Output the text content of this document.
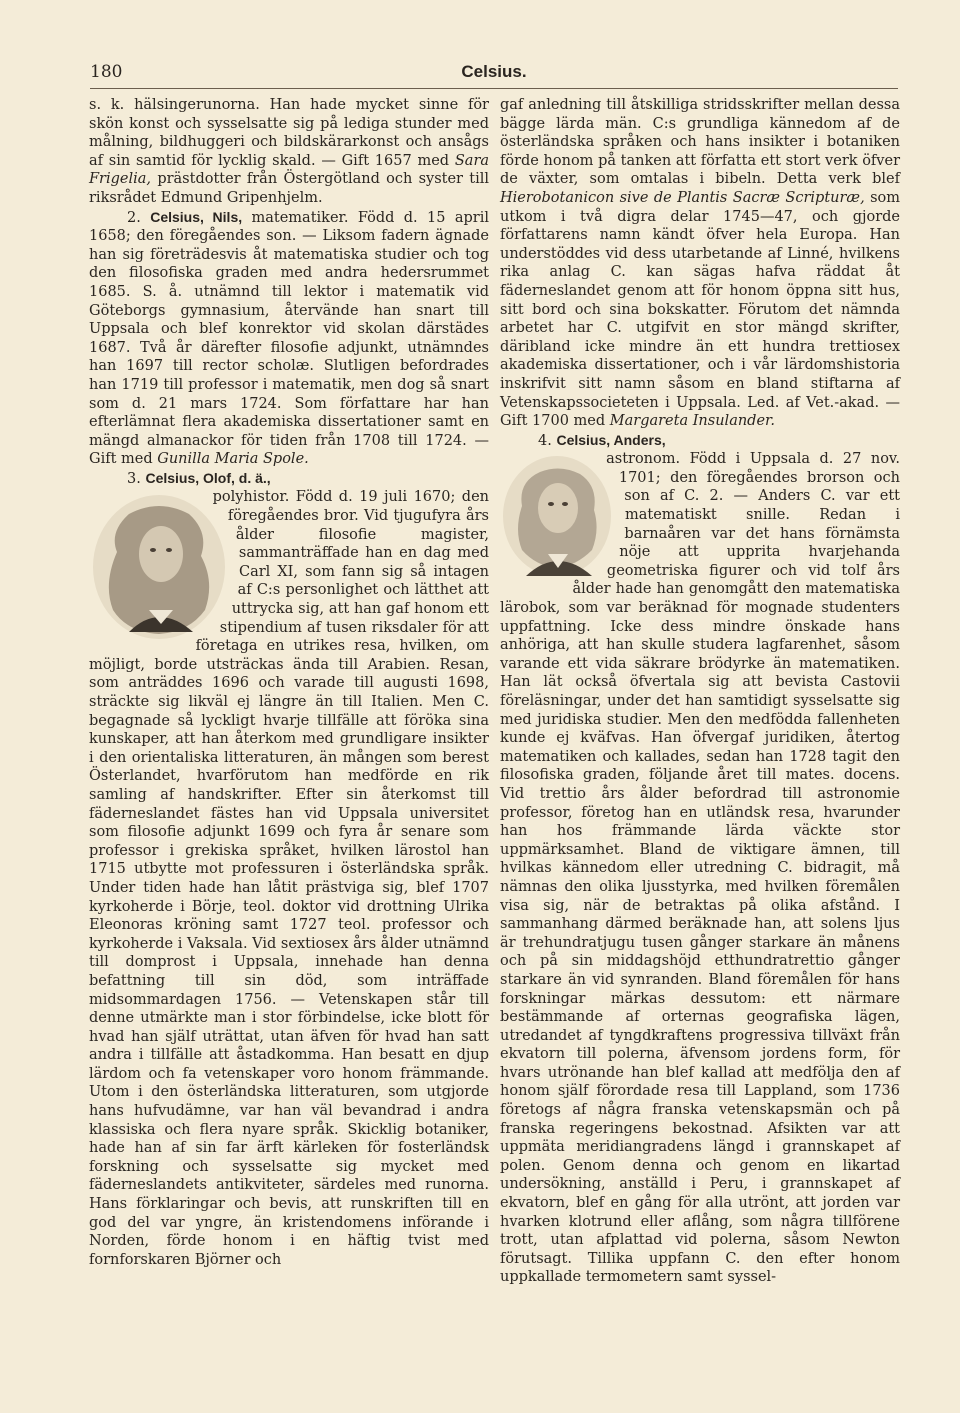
180	Celsius.

s. k. hälsingerunorna. Han hade mycket sinne för skön konst och sysselsatte sig på lediga stunder med målning, bildhuggeri och bildskärarkonst och ansågs af sin samtid för lycklig skald. — Gift 1657 med Sara Frigelia, prästdotter från Östergötland och syster till riksrådet Edmund Gripenhjelm.

2. Celsius, Nils, matematiker. Född d. 15 april 1658; den föregåendes son. — Liksom fadern ägnade han sig företrädesvis åt matematiska studier och tog den filosofiska graden med andra hedersrummet 1685. S. å. utnämnd till lektor i matematik vid Göteborgs gymnasium, återvände han snart till Uppsala och blef konrektor vid skolan därstädes 1687. Två år därefter filosofie adjunkt, utnämndes han 1697 till rector scholæ. Slutligen befordrades han 1719 till professor i matematik, men dog så snart som d. 21 mars 1724. Som författare har han efterlämnat flera akademiska dissertationer samt en mängd almanackor för tiden från 1708 till 1724. — Gift med Gunilla Maria Spole.

3. Celsius, Olof, d. ä.,

polyhistor. Född d. 19 juli 1670; den föregåendes bror. Vid tjugufyra års ålder filosofie magister, sammanträffade han en dag med Carl XI, som fann sig så intagen af C:s personlighet och lätthet att uttrycka sig, att han gaf honom ett stipendium af tusen riksdaler för att företaga en utrikes resa, hvilken, om möjligt, borde utsträckas ända till Arabien. Resan, som anträddes 1696 och varade till augusti 1698, sträckte sig likväl ej längre än till Italien. Men C. begagnade så lyckligt hvarje tillfälle att föröka sina kunskaper, att han återkom med grundligare insikter i den orientaliska litteraturen, än mången som berest Österlandet, hvarförutom han medförde en rik samling af handskrifter. Efter sin återkomst till fäderneslandet fästes han vid Uppsala universitet som filosofie adjunkt 1699 och fyra år senare som professor i grekiska språket, hvilken lärostol han 1715 utbytte mot professuren i österländska språk. Under tiden hade han låtit prästviga sig, blef 1707 kyrkoherde i Börje, teol. doktor vid drottning Ulrika Eleonoras kröning samt 1727 teol. professor och kyrkoherde i Vaksala. Vid sextiosex års ålder utnämnd till domprost i Uppsala, innehade han denna befattning till sin död, som inträffade midsommardagen 1756. — Vetenskapen står till denne utmärkte man i stor förbindelse, icke blott för hvad han själf uträttat, utan äfven för hvad han satt andra i tillfälle att åstadkomma. Han besatt en djup lärdom och fa vetenskaper voro honom främmande. Utom i den österländska litteraturen, som utgjorde hans hufvudämne, var han väl bevandrad i andra klassiska och flera nyare språk. Skicklig botaniker, hade han af sin far ärft kärleken för fosterländsk forskning och sysselsatte sig mycket med fäderneslandets antikviteter, särdeles med runorna. Hans förklaringar och bevis, att runskriften till en god del var yngre, än kristendomens införande i Norden, förde honom i en häftig tvist med fornforskaren Björner och

gaf anledning till åtskilliga stridsskrifter mellan dessa bägge lärda män. C:s grundliga kännedom af de österländska språken och hans insikter i botaniken förde honom på tanken att författa ett stort verk öfver de växter, som omtalas i bibeln. Detta verk blef Hierobotanicon sive de Plantis Sacræ Scripturæ, som utkom i två digra delar 1745—47, och gjorde författarens namn kändt öfver hela Europa. Han understöddes vid dess utarbetande af Linné, hvilkens rika anlag C. kan sägas hafva räddat åt fäderneslandet genom att för honom öppna sitt hus, sitt bord och sina bokskatter. Förutom det nämnda arbetet har C. utgifvit en stor mängd skrifter, däribland icke mindre än ett hundra trettiosex akademiska dissertationer, och i vår lärdomshistoria inskrifvit sitt namn såsom en bland stiftarna af Vetenskapssocieteten i Uppsala. Led. af Vet.-akad. — Gift 1700 med Margareta Insulander.

4. Celsius, Anders,

astronom. Född i Uppsala d. 27 nov. 1701; den föregåendes brorson och son af C. 2. — Anders C. var ett matematiskt snille. Redan i barnaåren var det hans förnämsta nöje att upprita hvarjehanda geometriska figurer och vid tolf års ålder hade han genomgått den matematiska lärobok, som var beräknad för mognade studenters uppfattning. Icke dess mindre önskade hans anhöriga, att han skulle studera lagfarenhet, såsom varande ett vida säkrare brödyrke än matematiken. Han lät också öfvertala sig att bevista Castovii föreläsningar, under det han samtidigt sysselsatte sig med juridiska studier. Men den medfödda fallenheten kunde ej kväfvas. Han öfvergaf juridiken, återtog matematiken och kallades, sedan han 1728 tagit den filosofiska graden, följande året till mates. docens. Vid trettio års ålder befordrad till astronomie professor, företog han en utländsk resa, hvarunder han hos främmande lärda väckte stor uppmärksamhet. Bland de viktigare ämnen, till hvilkas kännedom eller utredning C. bidragit, må nämnas den olika ljusstyrka, med hvilken föremålen visa sig, när de betraktas på olika afstånd. I sammanhang därmed beräknade han, att solens ljus är trehundratjugu tusen gånger starkare än månens och på sin middagshöjd etthundratrettio gånger starkare än vid synranden. Bland föremålen för hans forskningar märkas dessutom: ett närmare bestämmande af orternas geografiska lägen, utredandet af tyngdkraftens progressiva tillväxt från ekvatorn till polerna, äfvensom jordens form, för hvars utrönande han blef kallad att medfölja den af honom själf förordade resa till Lappland, som 1736 företogs af några franska vetenskapsmän och på franska regeringens bekostnad. Afsikten var att uppmäta meridiangradens längd i grannskapet af polen. Genom denna och genom en likartad undersökning, anställd i Peru, i grannskapet af ekvatorn, blef en gång för alla utrönt, att jorden var hvarken klotrund eller aflång, som några tillförene trott, utan afplattad vid polerna, såsom Newton förutsagt. Tillika uppfann C. den efter honom uppkallade termometern samt syssel-
